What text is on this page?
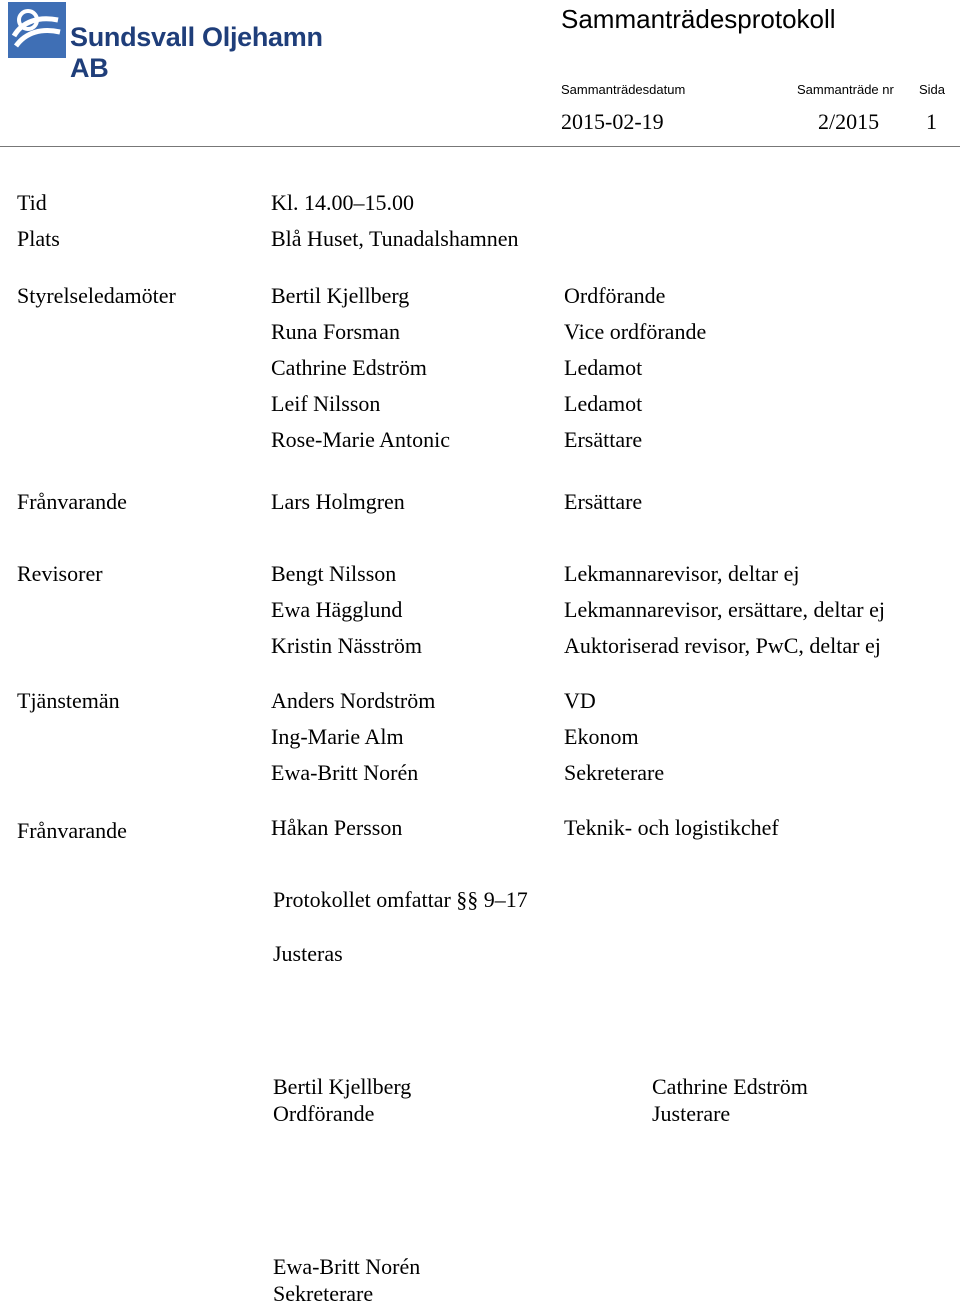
Sundsvall Oljehamn AB
Sammanträdesprotokoll
Sammanträdesdatum	Sammanträde nr Sida
2015-02-19	2/2015 1
Tid	Kl. 14.00–15.00
Plats	Blå Huset, Tunadalshamnen
Styrelseledamöter	Bertil Kjellberg	Ordförande
Runa Forsman	Vice ordförande
Cathrine Edström	Ledamot
Leif Nilsson	Ledamot
Rose-Marie Antonic	Ersättare
Frånvarande	Lars Holmgren	Ersättare
Revisorer	Bengt Nilsson	Lekmannarevisor, deltar ej
Ewa Hägglund	Lekmannarevisor, ersättare, deltar ej
Kristin Näsström	Auktoriserad revisor, PwC, deltar ej
Tjänstemän	Anders Nordström	VD
Ing-Marie Alm	Ekonom
Ewa-Britt Norén	Sekreterare
Frånvarande	Håkan Persson	Teknik- och logistikchef
Protokollet omfattar §§ 9–17
Justeras
Bertil Kjellberg
Ordförande
Cathrine Edström
Justerare
Ewa-Britt Norén
Sekreterare
